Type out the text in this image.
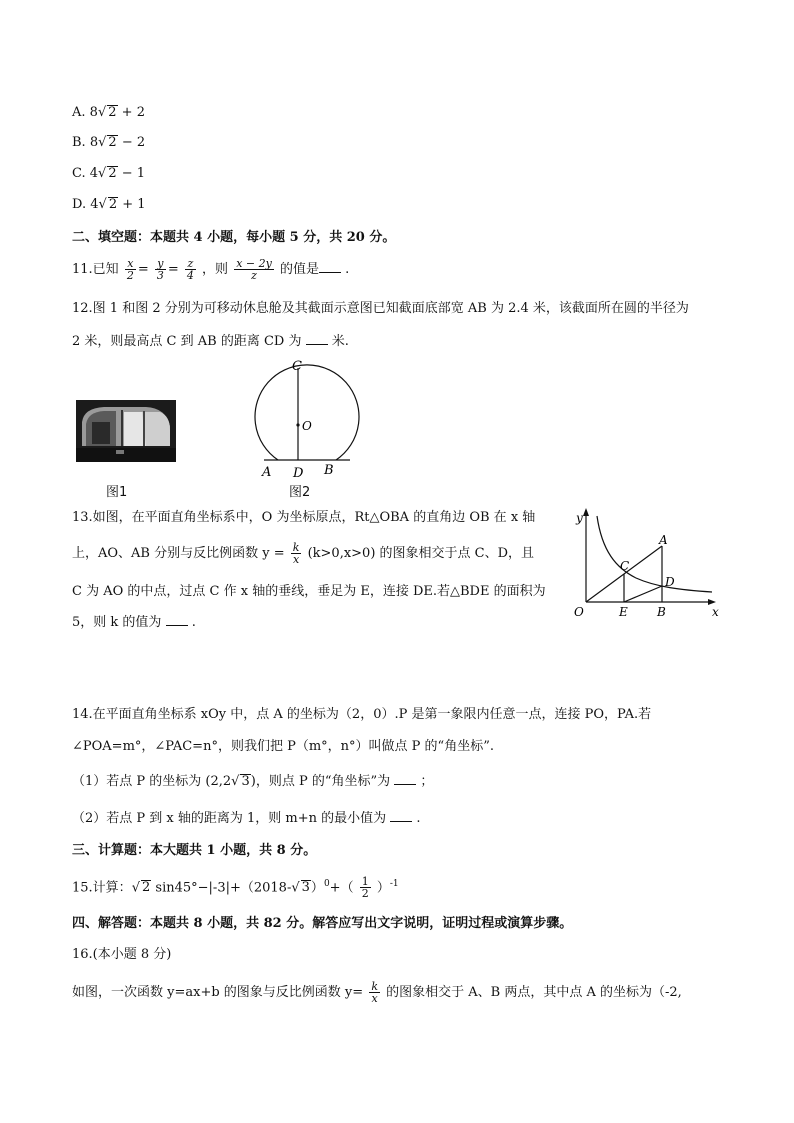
A. 8√ 2 + 2
B. 8√ 2 − 2
C. 4√ 2 − 1
D. 4√ 2 + 1
二、填空题：本题共 4 小题，每小题 5 分，共 20 分。
11.已知 $\frac{x}{2} = \frac{y}{3} = \frac{z}{4}$ ，则 $\frac{x - 2y}{z}$ 的值是 .
12.图 1 和图 2 分别为可移动休息舱及其截面示意图已知截面底部宽 AB 为 2.4 米，该截面所在圆的半径为
2 米，则最高点 C 到 AB 的距离 CD 为 米.
图1
C
O
A D B
图2
13.如图，在平面直角坐标系中，O 为坐标原点，Rt△OBA 的直角边 OB 在 x 轴
上，AO、AB 分别与反比例函数 $y = \frac{k}{x} (k>0,x>0)$ 的图象相交于点 C、D，且
C 为 AO 的中点，过点 C 作 x 轴的垂线，垂足为 E，连接 DE.若△BDE 的面积为
5，则 k 的值为 .
y
x
A
C
D
O	E B
14.在平面直角坐标系 xOy 中，点 A 的坐标为（2，0）.P 是第一象限内任意一点，连接 PO，PA.若
∠POA=m°，∠PAC=n°，则我们把 P（m°，n°）叫做点 P 的“角坐标”.
（1）若点 P 的坐标为 (2,2√ 3)，则点 P 的“角坐标”为 ；
（2）若点 P 到 x 轴的距离为 1，则 m+n 的最小值为 .
三、计算题：本大题共 1 小题，共 8 分。
15.计算：√ 2 sin45°−|-3|+（2018-√ $3)^0+( \frac{1}{2} )^{-1}$
四、解答题：本题共 8 小题，共 82 分。解答应写出文字说明，证明过程或演算步骤。
16.(本小题 8 分)
如图，一次函数 y=ax+b 的图象与反比例函数 $y= \frac{k}{x}$ 的图象相交于 A、B 两点，其中点 A 的坐标为（-2,
